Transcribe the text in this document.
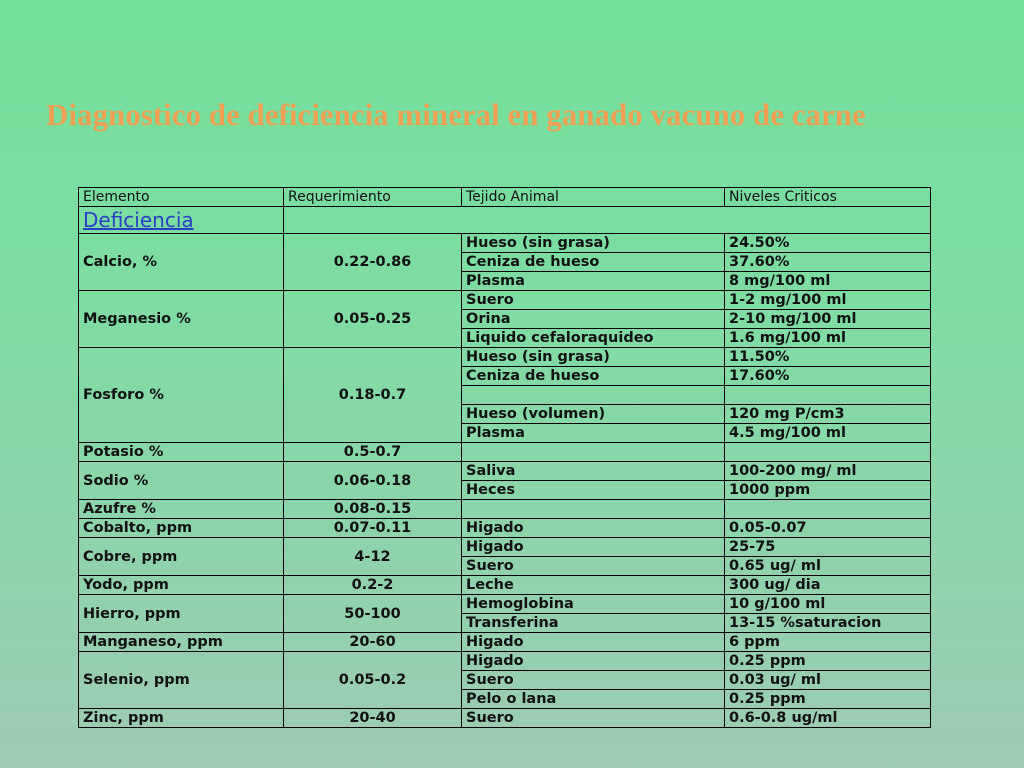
Diagnostico de deficiencia mineral en ganado vacuno de carne
Elemento	Requerimiento	Tejido Animal	Niveles Criticos
Deficiencia			
Calcio, %	0.22-0.86	Hueso (sin grasa)	24.50%
		Ceniza de hueso	37.60%
		Plasma	8 mg/100 ml
Meganesio %	0.05-0.25	Suero	1-2 mg/100 ml
		Orina	2-10 mg/100 ml
		Liquido cefaloraquideo	1.6 mg/100 ml
Fosforo %	0.18-0.7	Hueso (sin grasa)	11.50%
		Ceniza de hueso	17.60%

		Hueso (volumen)	120 mg P/cm3
		Plasma	4.5 mg/100 ml
Potasio %	0.5-0.7		
Sodio %	0.06-0.18	Saliva	100-200 mg/ ml
		Heces	1000 ppm
Azufre %	0.08-0.15		
Cobalto, ppm	0.07-0.11	Higado	0.05-0.07
Cobre, ppm	4-12	Higado	25-75
		Suero	0.65 ug/ ml
Yodo, ppm	0.2-2	Leche	300 ug/ dia
Hierro, ppm	50-100	Hemoglobina	10 g/100 ml
		Transferina	13-15 %saturacion
Manganeso, ppm	20-60	Higado	6 ppm
Selenio, ppm	0.05-0.2	Higado	0.25 ppm
		Suero	0.03 ug/ ml
		Pelo o lana	0.25 ppm
Zinc, ppm	20-40	Suero	0.6-0.8 ug/ml
